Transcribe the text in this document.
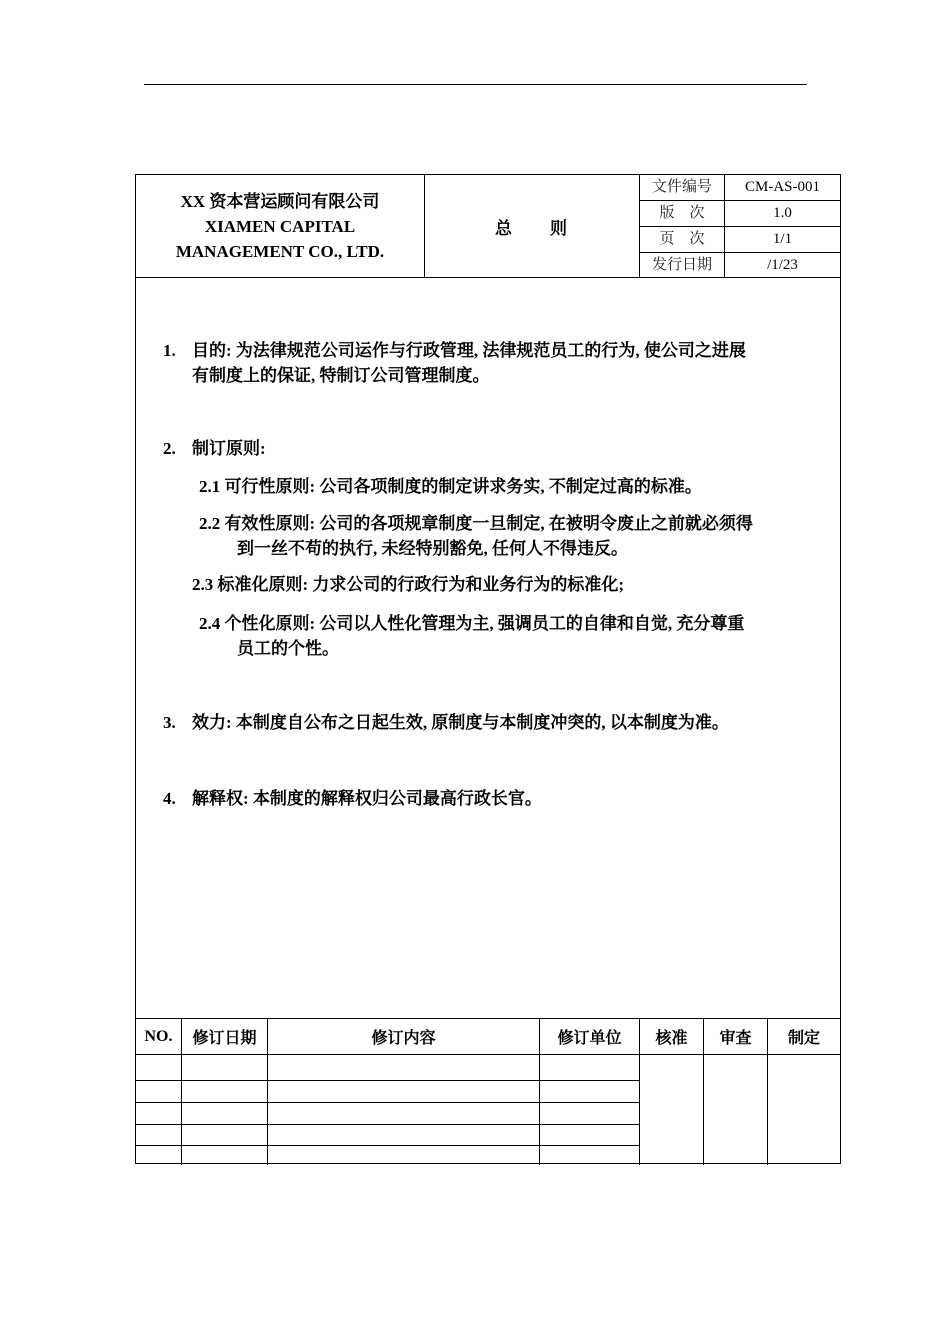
XX 资本营运顾问有限公司
XIAMEN CAPITAL
MANAGEMENT CO., LTD.
总 则
文件编号	CM-AS-001
版    次	1.0
页    次	1/1
发行日期	/1/23
1. 目的: 为法律规范公司运作与行政管理, 法律规范员工的行为, 使公司之进展
有制度上的保证, 特制订公司管理制度。
2. 制订原则:
2.1 可行性原则: 公司各项制度的制定讲求务实, 不制定过高的标准。
2.2 有效性原则: 公司的各项规章制度一旦制定, 在被明令废止之前就必须得
到一丝不苟的执行, 未经特别豁免, 任何人不得违反。
2.3 标准化原则: 力求公司的行政行为和业务行为的标准化;
2.4 个性化原则: 公司以人性化管理为主, 强调员工的自律和自觉, 充分尊重
员工的个性。
3. 效力: 本制度自公布之日起生效, 原制度与本制度冲突的, 以本制度为准。
4. 解释权: 本制度的解释权归公司最高行政长官。
NO.	修订日期	修订内容	修订单位	核准	审查	制定
